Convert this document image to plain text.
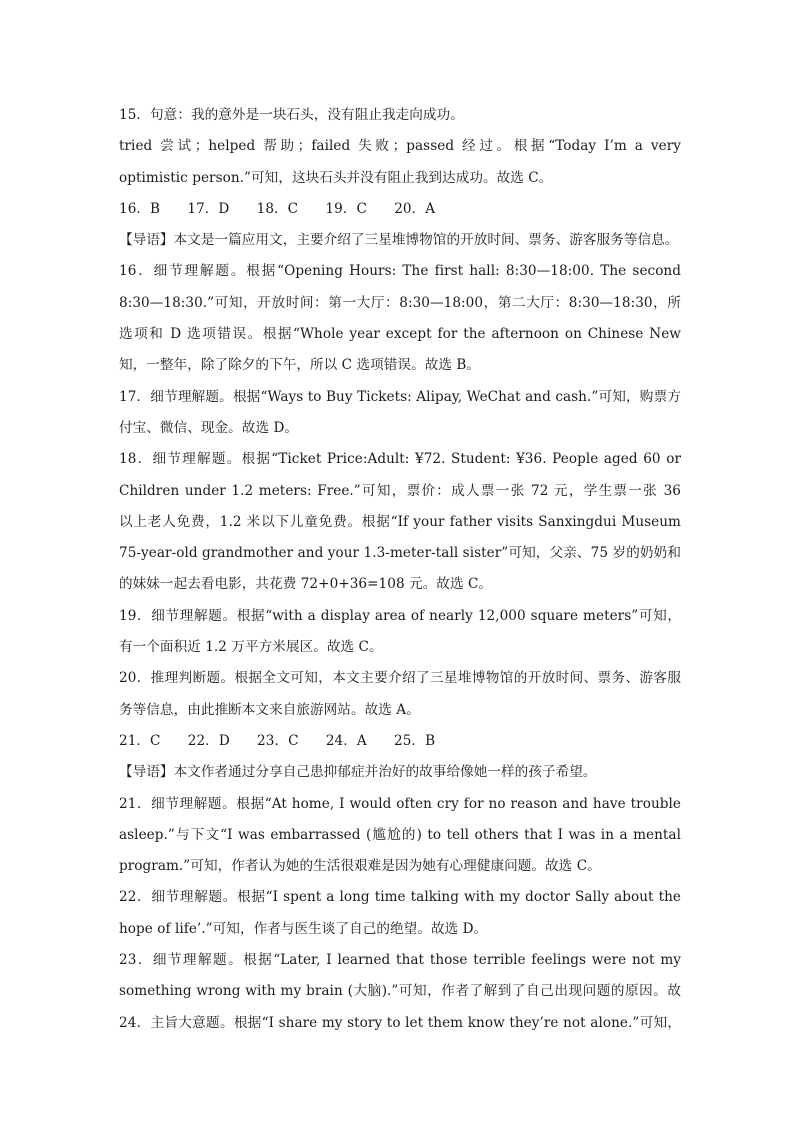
15．句意：我的意外是一块石头，没有阻止我走向成功。
tried 尝试；helped 帮助；failed 失败；passed 经过。根据“Today I’m a very
optimistic person.”可知，这块石头并没有阻止我到达成功。故选 C。
16．B　　17．D　　18．C　　19．C　　20．A
【导语】本文是一篇应用文，主要介绍了三星堆博物馆的开放时间、票务、游客服务等信息。
16．细节理解题。根据“Opening Hours: The first hall: 8:30—18:00. The second
8:30—18:30.”可知，开放时间：第一大厅：8:30—18:00，第二大厅：8:30—18:30，所
选项和 D 选项错误。根据“Whole year except for the afternoon on Chinese New
知，一整年，除了除夕的下午，所以 C 选项错误。故选 B。
17．细节理解题。根据“Ways to Buy Tickets: Alipay, WeChat and cash.”可知，购票方
付宝、微信、现金。故选 D。
18．细节理解题。根据“Ticket Price:Adult: ¥72. Student: ¥36. People aged 60 or
Children under 1.2 meters: Free.”可知，票价：成人票一张 72 元，学生票一张 36
以上老人免费，1.2 米以下儿童免费。根据“If your father visits Sanxingdui Museum
75-year-old grandmother and your 1.3-meter-tall sister”可知，父亲、75 岁的奶奶和
的妹妹一起去看电影，共花费 72+0+36=108 元。故选 C。
19．细节理解题。根据“with a display area of nearly 12,000 square meters”可知，
有一个面积近 1.2 万平方米展区。故选 C。
20．推理判断题。根据全文可知，本文主要介绍了三星堆博物馆的开放时间、票务、游客服
务等信息，由此推断本文来自旅游网站。故选 A。
21．C　　22．D　　23．C　　24．A　　25．B
【导语】本文作者通过分享自己患抑郁症并治好的故事给像她一样的孩子希望。
21．细节理解题。根据“At home, I would often cry for no reason and have trouble
asleep.”与下文“I was embarrassed (尴尬的) to tell others that I was in a mental
program.”可知，作者认为她的生活很艰难是因为她有心理健康问题。故选 C。
22．细节理解题。根据“I spent a long time talking with my doctor Sally about the
hope of life’.”可知，作者与医生谈了自己的绝望。故选 D。
23．细节理解题。根据“Later, I learned that those terrible feelings were not my
something wrong with my brain (大脑).”可知，作者了解到了自己出现问题的原因。故
24．主旨大意题。根据“I share my story to let them know they’re not alone.”可知，
